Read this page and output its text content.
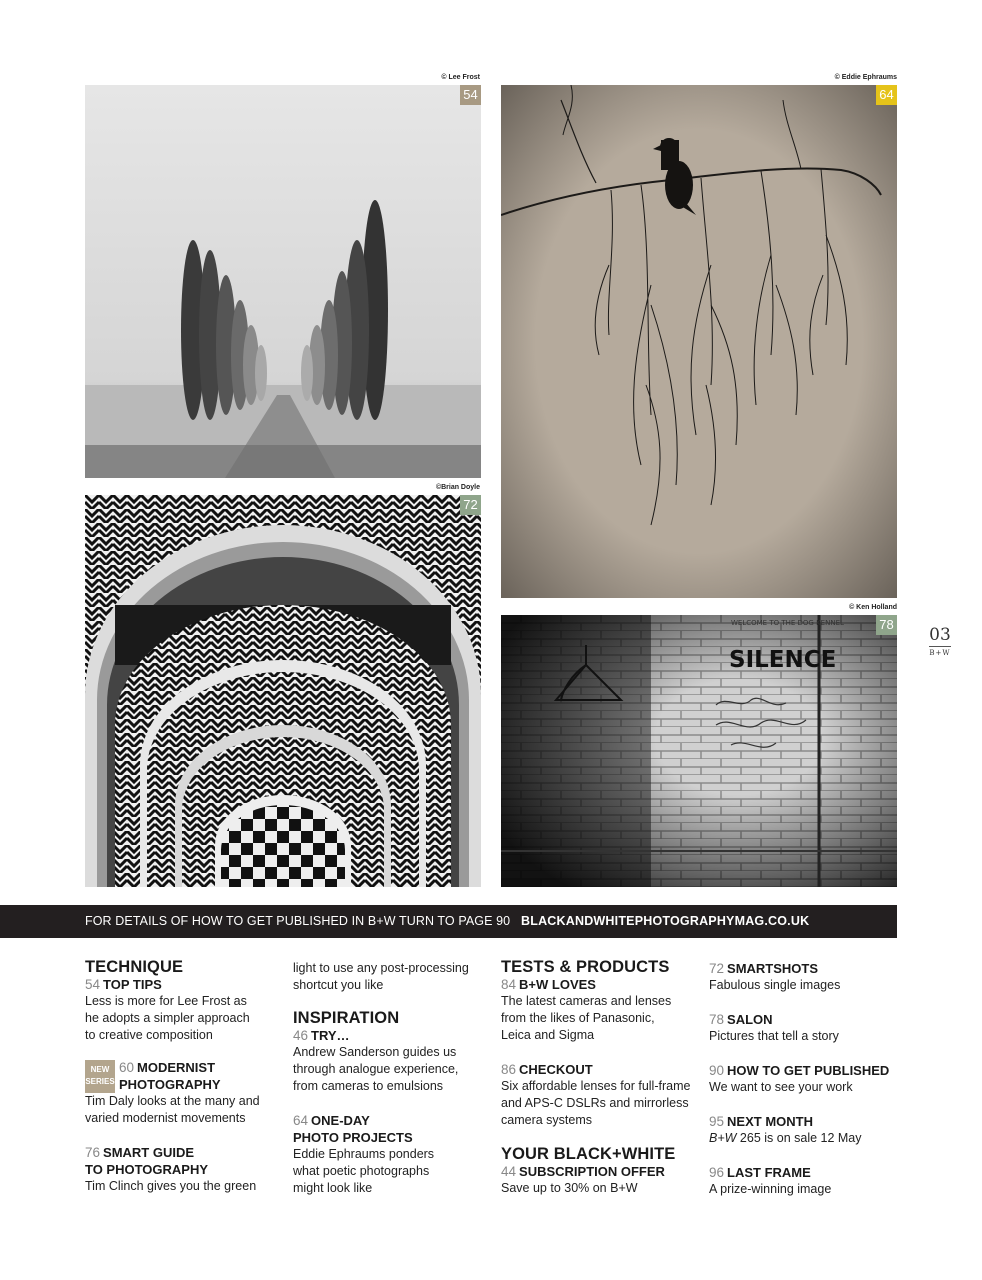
© Lee Frost	© Eddie Ephraums
©Brian Doyle
© Ken Holland
54	64
72
SILENCE
WELCOME TO THE DOG KENNEL	78
03
B+W
FOR DETAILS OF HOW TO GET PUBLISHED IN B+W TURN TO PAGE 90 BLACKANDWHITEPHOTOGRAPHYMAG.CO.UK
TECHNIQUE
54 TOP TIPS
Less is more for Lee Frost as he adopts a simpler approach to creative composition
NEW
SERIES
60 MODERNIST
PHOTOGRAPHY
Tim Daly looks at the many and varied modernist movements
76 SMART GUIDE
TO PHOTOGRAPHY
Tim Clinch gives you the green
light to use any post-processing shortcut you like
INSPIRATION
46 TRY…
Andrew Sanderson guides us through analogue experience, from cameras to emulsions
64 ONE-DAY
PHOTO PROJECTS
Eddie Ephraums ponders what poetic photographs might look like
TESTS & PRODUCTS
84 B+W LOVES
The latest cameras and lenses from the likes of Panasonic, Leica and Sigma
86 CHECKOUT
Six affordable lenses for full-frame and APS-C DSLRs and mirrorless camera systems
YOUR BLACK+WHITE
44 SUBSCRIPTION OFFER
Save up to 30% on B+W
72 SMARTSHOTS
Fabulous single images
78 SALON
Pictures that tell a story
90 HOW TO GET PUBLISHED
We want to see your work
95 NEXT MONTH
B+W 265 is on sale 12 May
96 LAST FRAME
A prize-winning image
